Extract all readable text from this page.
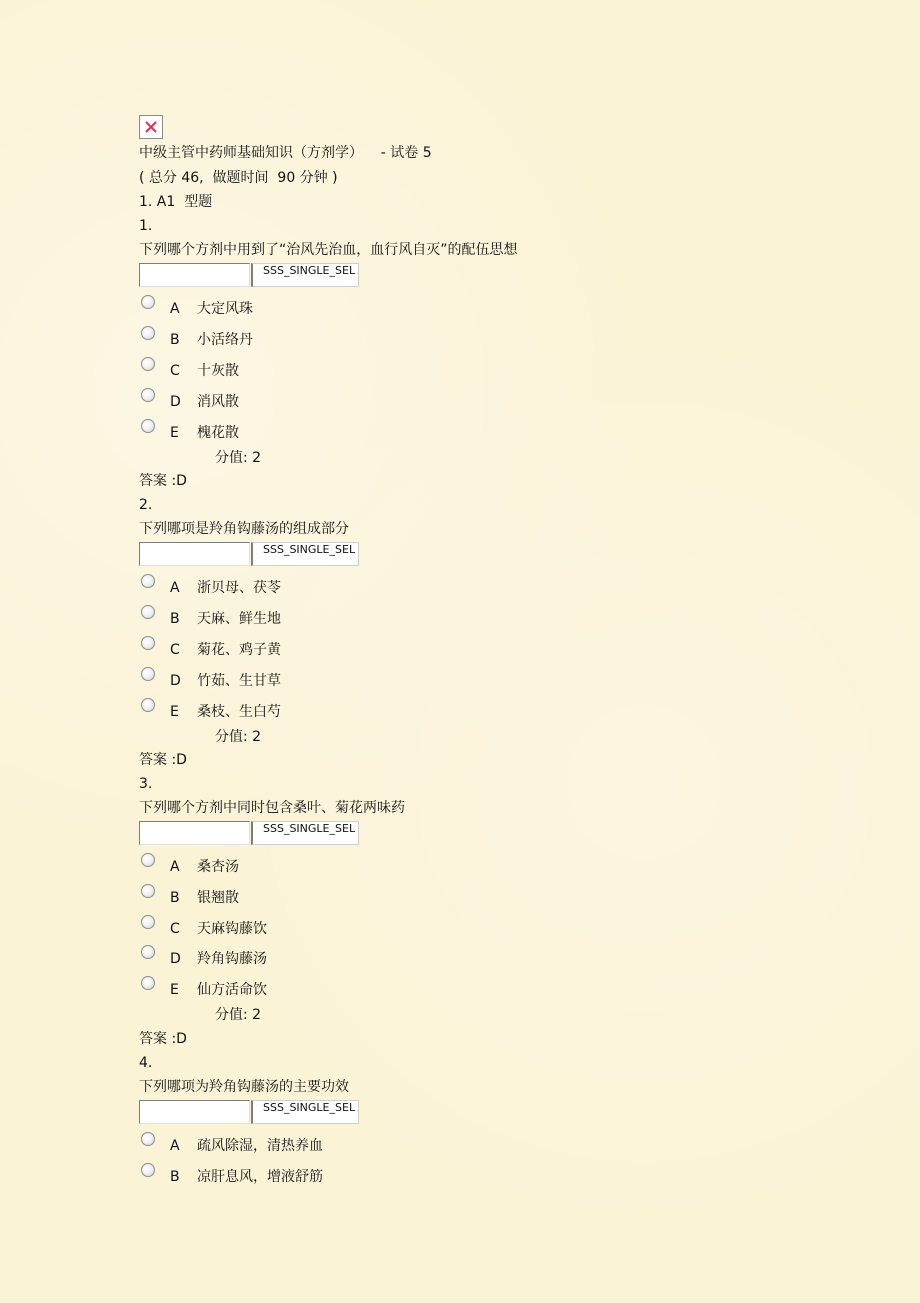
中级主管中药师基础知识（方剂学）    - 试卷 5
( 总分 46,  做题时间  90 分钟 )
1. A1  型题
1.
下列哪个方剂中用到了“治风先治血，血行风自灭”的配伍思想
SSS_SINGLE_SEL
A 大定风珠
B 小活络丹
C 十灰散
D 消风散
E 槐花散
分值: 2
答案 :D
2.
下列哪项是羚角钩藤汤的组成部分
SSS_SINGLE_SEL
A 浙贝母、茯苓
B 天麻、鲜生地
C 菊花、鸡子黄
D 竹茹、生甘草
E 桑枝、生白芍
分值: 2
答案 :D
3.
下列哪个方剂中同时包含桑叶、菊花两味药
SSS_SINGLE_SEL
A 桑杏汤
B 银翘散
C 天麻钩藤饮
D 羚角钩藤汤
E 仙方活命饮
分值: 2
答案 :D
4.
下列哪项为羚角钩藤汤的主要功效
SSS_SINGLE_SEL
A 疏风除湿，清热养血
B 凉肝息风，增液舒筋
